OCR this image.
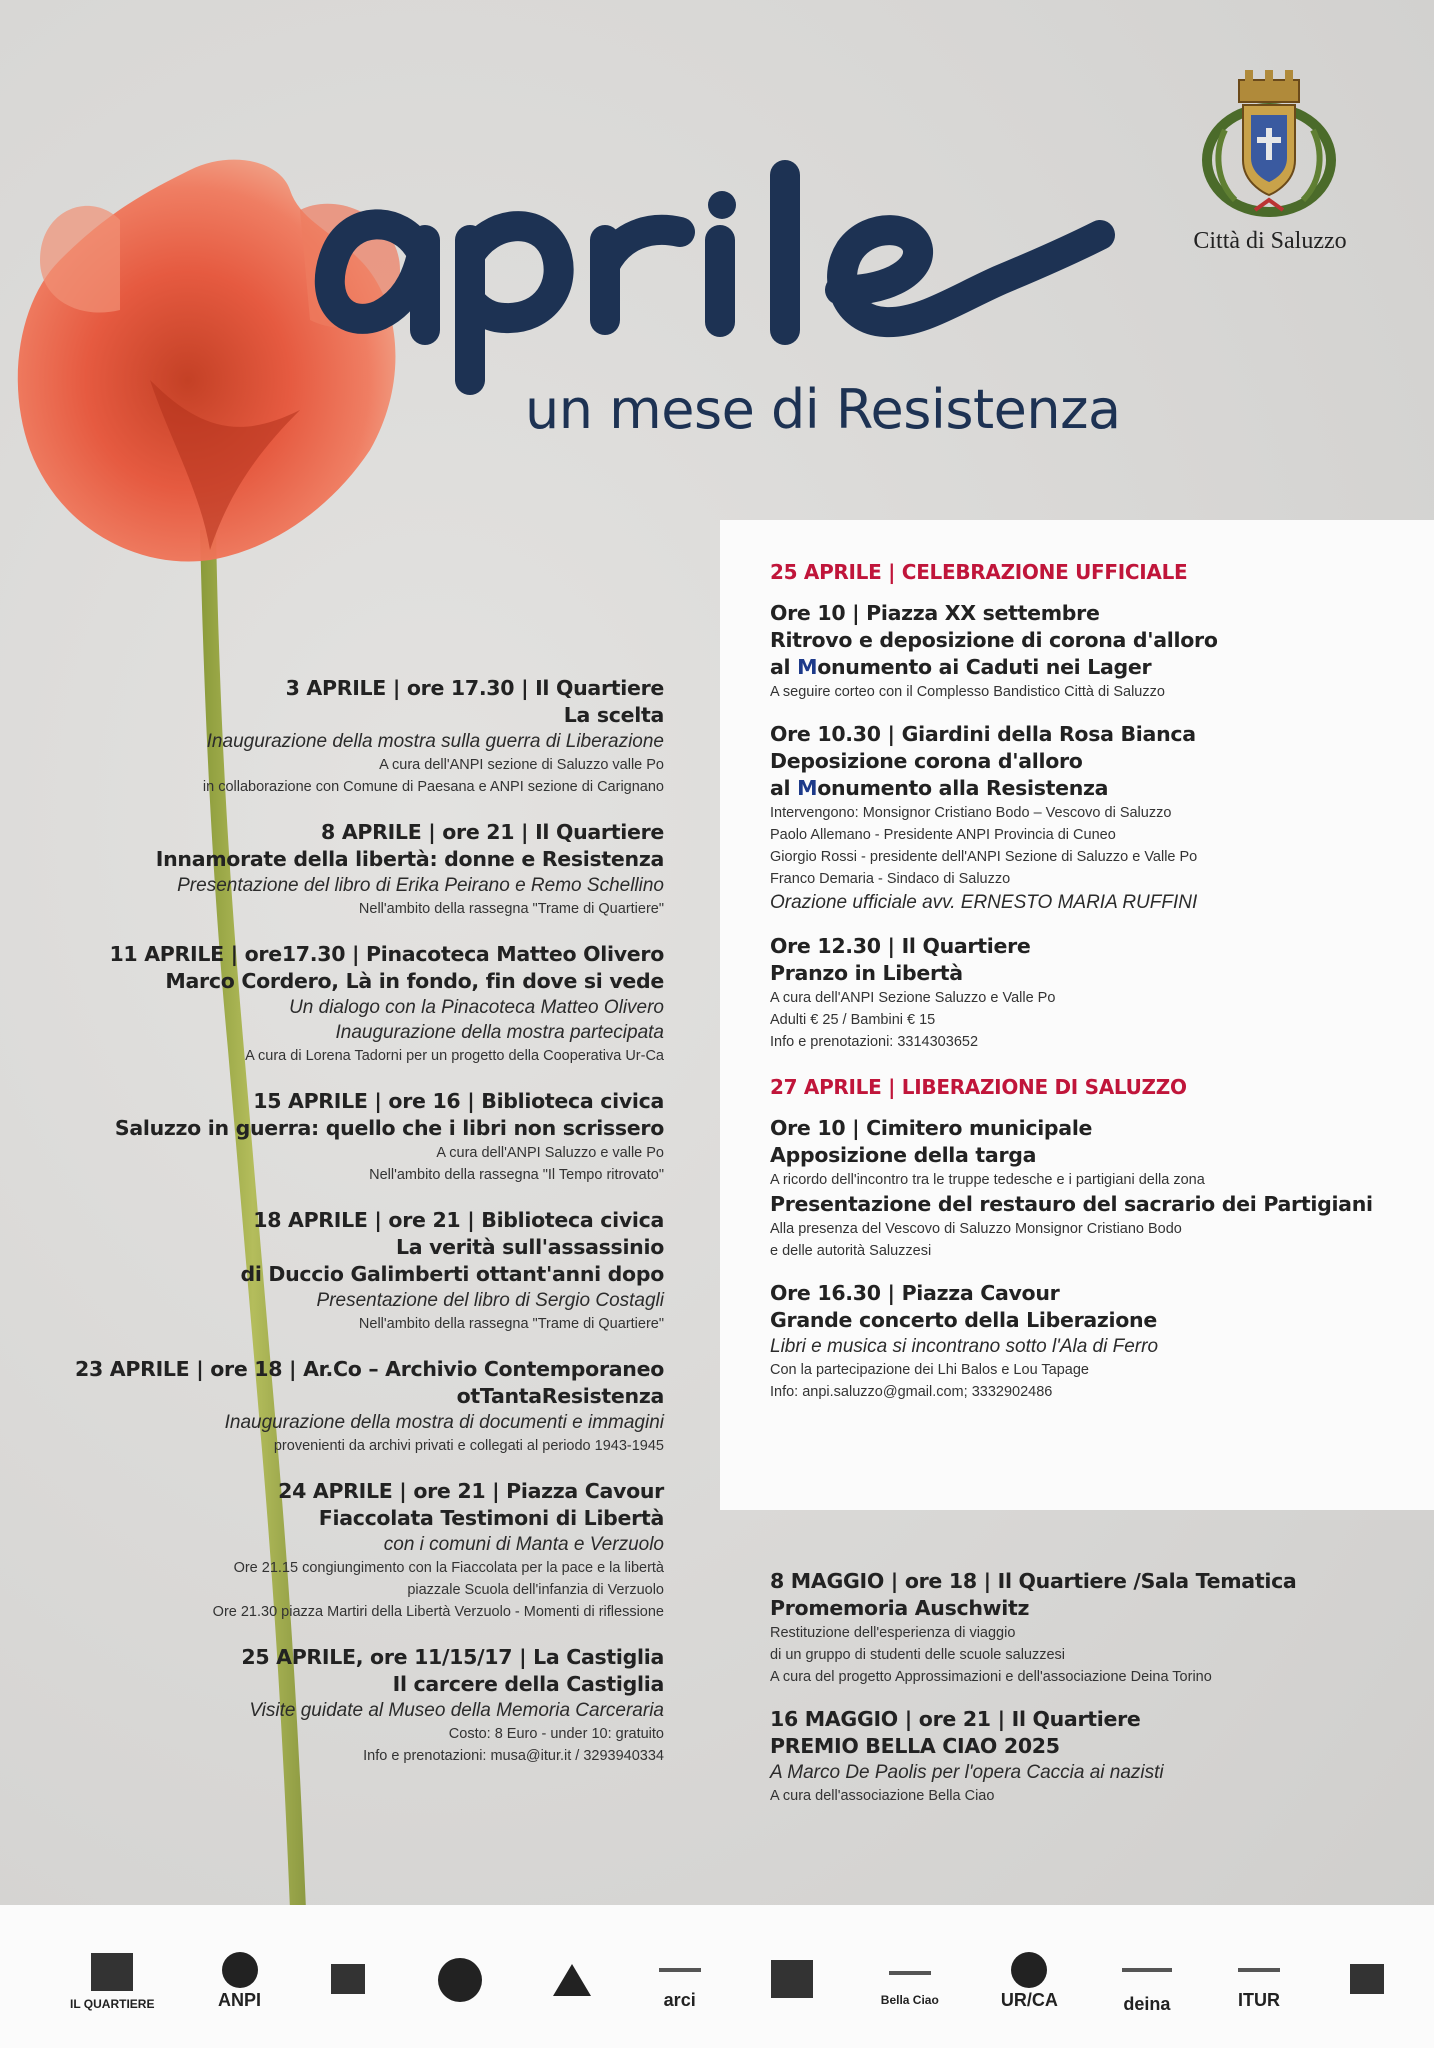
un mese di Resistenza
Città di Saluzzo
3 APRILE | ore 17.30 | Il Quartiere
La scelta
Inaugurazione della mostra sulla guerra di Liberazione
A cura dell'ANPI sezione di Saluzzo valle Po
in collaborazione con Comune di Paesana e ANPI sezione di Carignano
8 APRILE | ore 21 | Il Quartiere
Innamorate della libertà: donne e Resistenza
Presentazione del libro di Erika Peirano e Remo Schellino
Nell'ambito della rassegna "Trame di Quartiere"
11 APRILE | ore17.30 | Pinacoteca Matteo Olivero
Marco Cordero, Là in fondo, fin dove si vede
Un dialogo con la Pinacoteca Matteo Olivero
Inaugurazione della mostra partecipata
A cura di Lorena Tadorni per un progetto della Cooperativa Ur-Ca
15 APRILE | ore 16 | Biblioteca civica
Saluzzo in guerra: quello che i libri non scrissero
A cura dell'ANPI Saluzzo e valle Po
Nell'ambito della rassegna "Il Tempo ritrovato"
18 APRILE | ore 21 | Biblioteca civica
La verità sull'assassinio
di Duccio Galimberti ottant'anni dopo
Presentazione del libro di Sergio Costagli
Nell'ambito della rassegna "Trame di Quartiere"
23 APRILE | ore 18 | Ar.Co – Archivio Contemporaneo
otTantaResistenza
Inaugurazione della mostra di documenti e immagini
provenienti da archivi privati e collegati al periodo 1943-1945
24 APRILE | ore 21 | Piazza Cavour
Fiaccolata Testimoni di Libertà
con i comuni di Manta e Verzuolo
Ore 21.15 congiungimento con la Fiaccolata per la pace e la libertà
piazzale Scuola dell'infanzia di Verzuolo
Ore 21.30 piazza Martiri della Libertà Verzuolo - Momenti di riflessione
25 APRILE, ore 11/15/17 | La Castiglia
Il carcere della Castiglia
Visite guidate al Museo della Memoria Carceraria
Costo: 8 Euro - under 10: gratuito
Info e prenotazioni: musa@itur.it / 3293940334
25 APRILE | CELEBRAZIONE UFFICIALE
Ore 10 | Piazza XX settembre
Ritrovo e deposizione di corona d'alloro
al Monumento ai Caduti nei Lager
A seguire corteo con il Complesso Bandistico Città di Saluzzo
Ore 10.30 | Giardini della Rosa Bianca
Deposizione corona d'alloro
al Monumento alla Resistenza
Intervengono: Monsignor Cristiano Bodo – Vescovo di Saluzzo
Paolo Allemano - Presidente ANPI Provincia di Cuneo
Giorgio Rossi - presidente dell'ANPI Sezione di Saluzzo e Valle Po
Franco Demaria - Sindaco di Saluzzo
Orazione ufficiale avv. ERNESTO MARIA RUFFINI
Ore 12.30 | Il Quartiere
Pranzo in Libertà
A cura dell'ANPI Sezione Saluzzo e Valle Po
Adulti € 25 / Bambini € 15
Info e prenotazioni: 3314303652
27 APRILE | LIBERAZIONE DI SALUZZO
Ore 10 | Cimitero municipale
Apposizione della targa
A ricordo dell'incontro tra le truppe tedesche e i partigiani della zona
Presentazione del restauro del sacrario dei Partigiani
Alla presenza del Vescovo di Saluzzo Monsignor Cristiano Bodo
e delle autorità Saluzzesi
Ore 16.30 | Piazza Cavour
Grande concerto della Liberazione
Libri e musica si incontrano sotto l'Ala di Ferro
Con la partecipazione dei Lhi Balos e Lou Tapage
Info: anpi.saluzzo@gmail.com; 3332902486
8 MAGGIO | ore 18 | Il Quartiere /Sala Tematica
Promemoria Auschwitz
Restituzione dell'esperienza di viaggio
di un gruppo di studenti delle scuole saluzzesi
A cura del progetto Approssimazioni e dell'associazione Deina Torino
16 MAGGIO | ore 21 | Il Quartiere
PREMIO BELLA CIAO 2025
A Marco De Paolis per l'opera Caccia ai nazisti
A cura dell'associazione Bella Ciao
IL QUARTIERE	ANPI	arci	Bella Ciao	UR/CA	deina	ITUR
